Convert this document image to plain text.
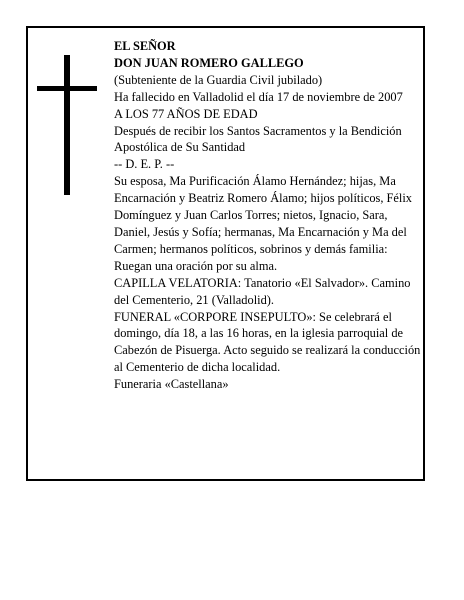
EL SEÑOR

DON JUAN ROMERO GALLEGO

(Subteniente de la Guardia Civil jubilado)

Ha fallecido en Valladolid el día 17 de noviembre de 2007

A LOS 77 AÑOS DE EDAD

Después de recibir los Santos Sacramentos y la Bendición Apostólica de Su Santidad

-- D. E. P. --

Su esposa, Ma Purificación Álamo Hernández; hijas, Ma Encarnación y Beatriz Romero Álamo; hijos políticos, Félix Domínguez y Juan Carlos Torres; nietos, Ignacio, Sara, Daniel, Jesús y Sofía; hermanas, Ma Encarnación y Ma del Carmen; hermanos políticos, sobrinos y demás familia:

Ruegan una oración por su alma.

CAPILLA VELATORIA: Tanatorio «El Salvador». Camino del Cementerio, 21 (Valladolid).

FUNERAL «CORPORE INSEPULTO»: Se celebrará el domingo, día 18, a las 16 horas, en la iglesia parroquial de Cabezón de Pisuerga. Acto seguido se realizará la conducción al Cementerio de dicha localidad.

Funeraria «Castellana»
